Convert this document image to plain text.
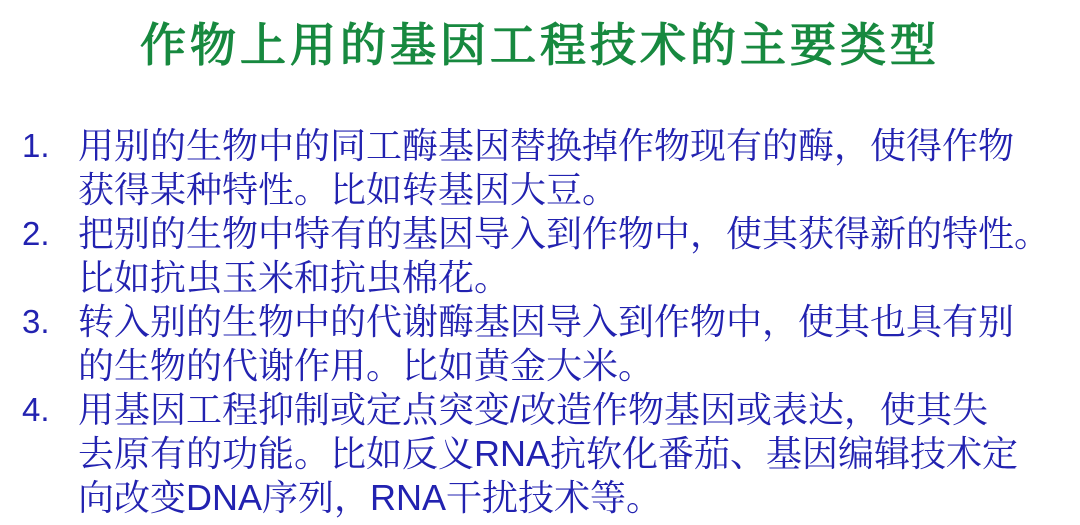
作物上用的基因工程技术的主要类型
1. 用别的生物中的同工酶基因替换掉作物现有的酶，使得作物
获得某种特性。比如转基因大豆。
2. 把别的生物中特有的基因导入到作物中，使其获得新的特性。
比如抗虫玉米和抗虫棉花。
3. 转入别的生物中的代谢酶基因导入到作物中，使其也具有别
的生物的代谢作用。比如黄金大米。
4. 用基因工程抑制或定点突变/改造作物基因或表达，使其失
去原有的功能。比如反义RNA抗软化番茄、基因编辑技术定
向改变DNA序列，RNA干扰技术等。
